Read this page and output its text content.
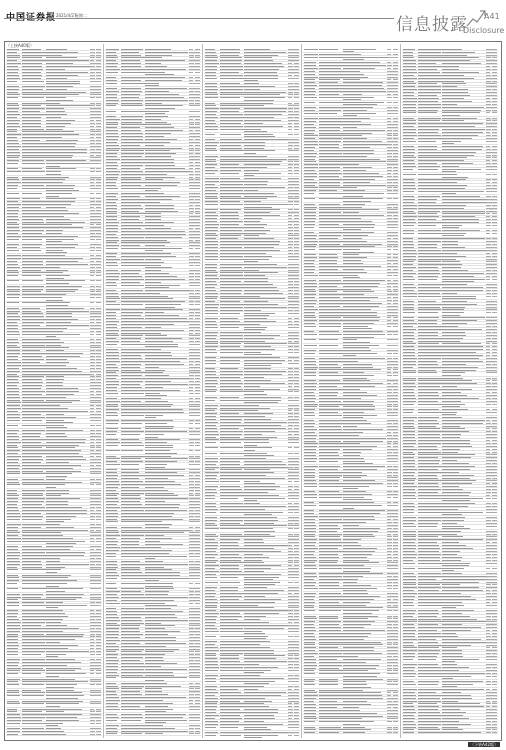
中国证券报 2021/4/27
星期二	信息披露
Disclosure
A41
（上接A40版）
（下转A42版）
